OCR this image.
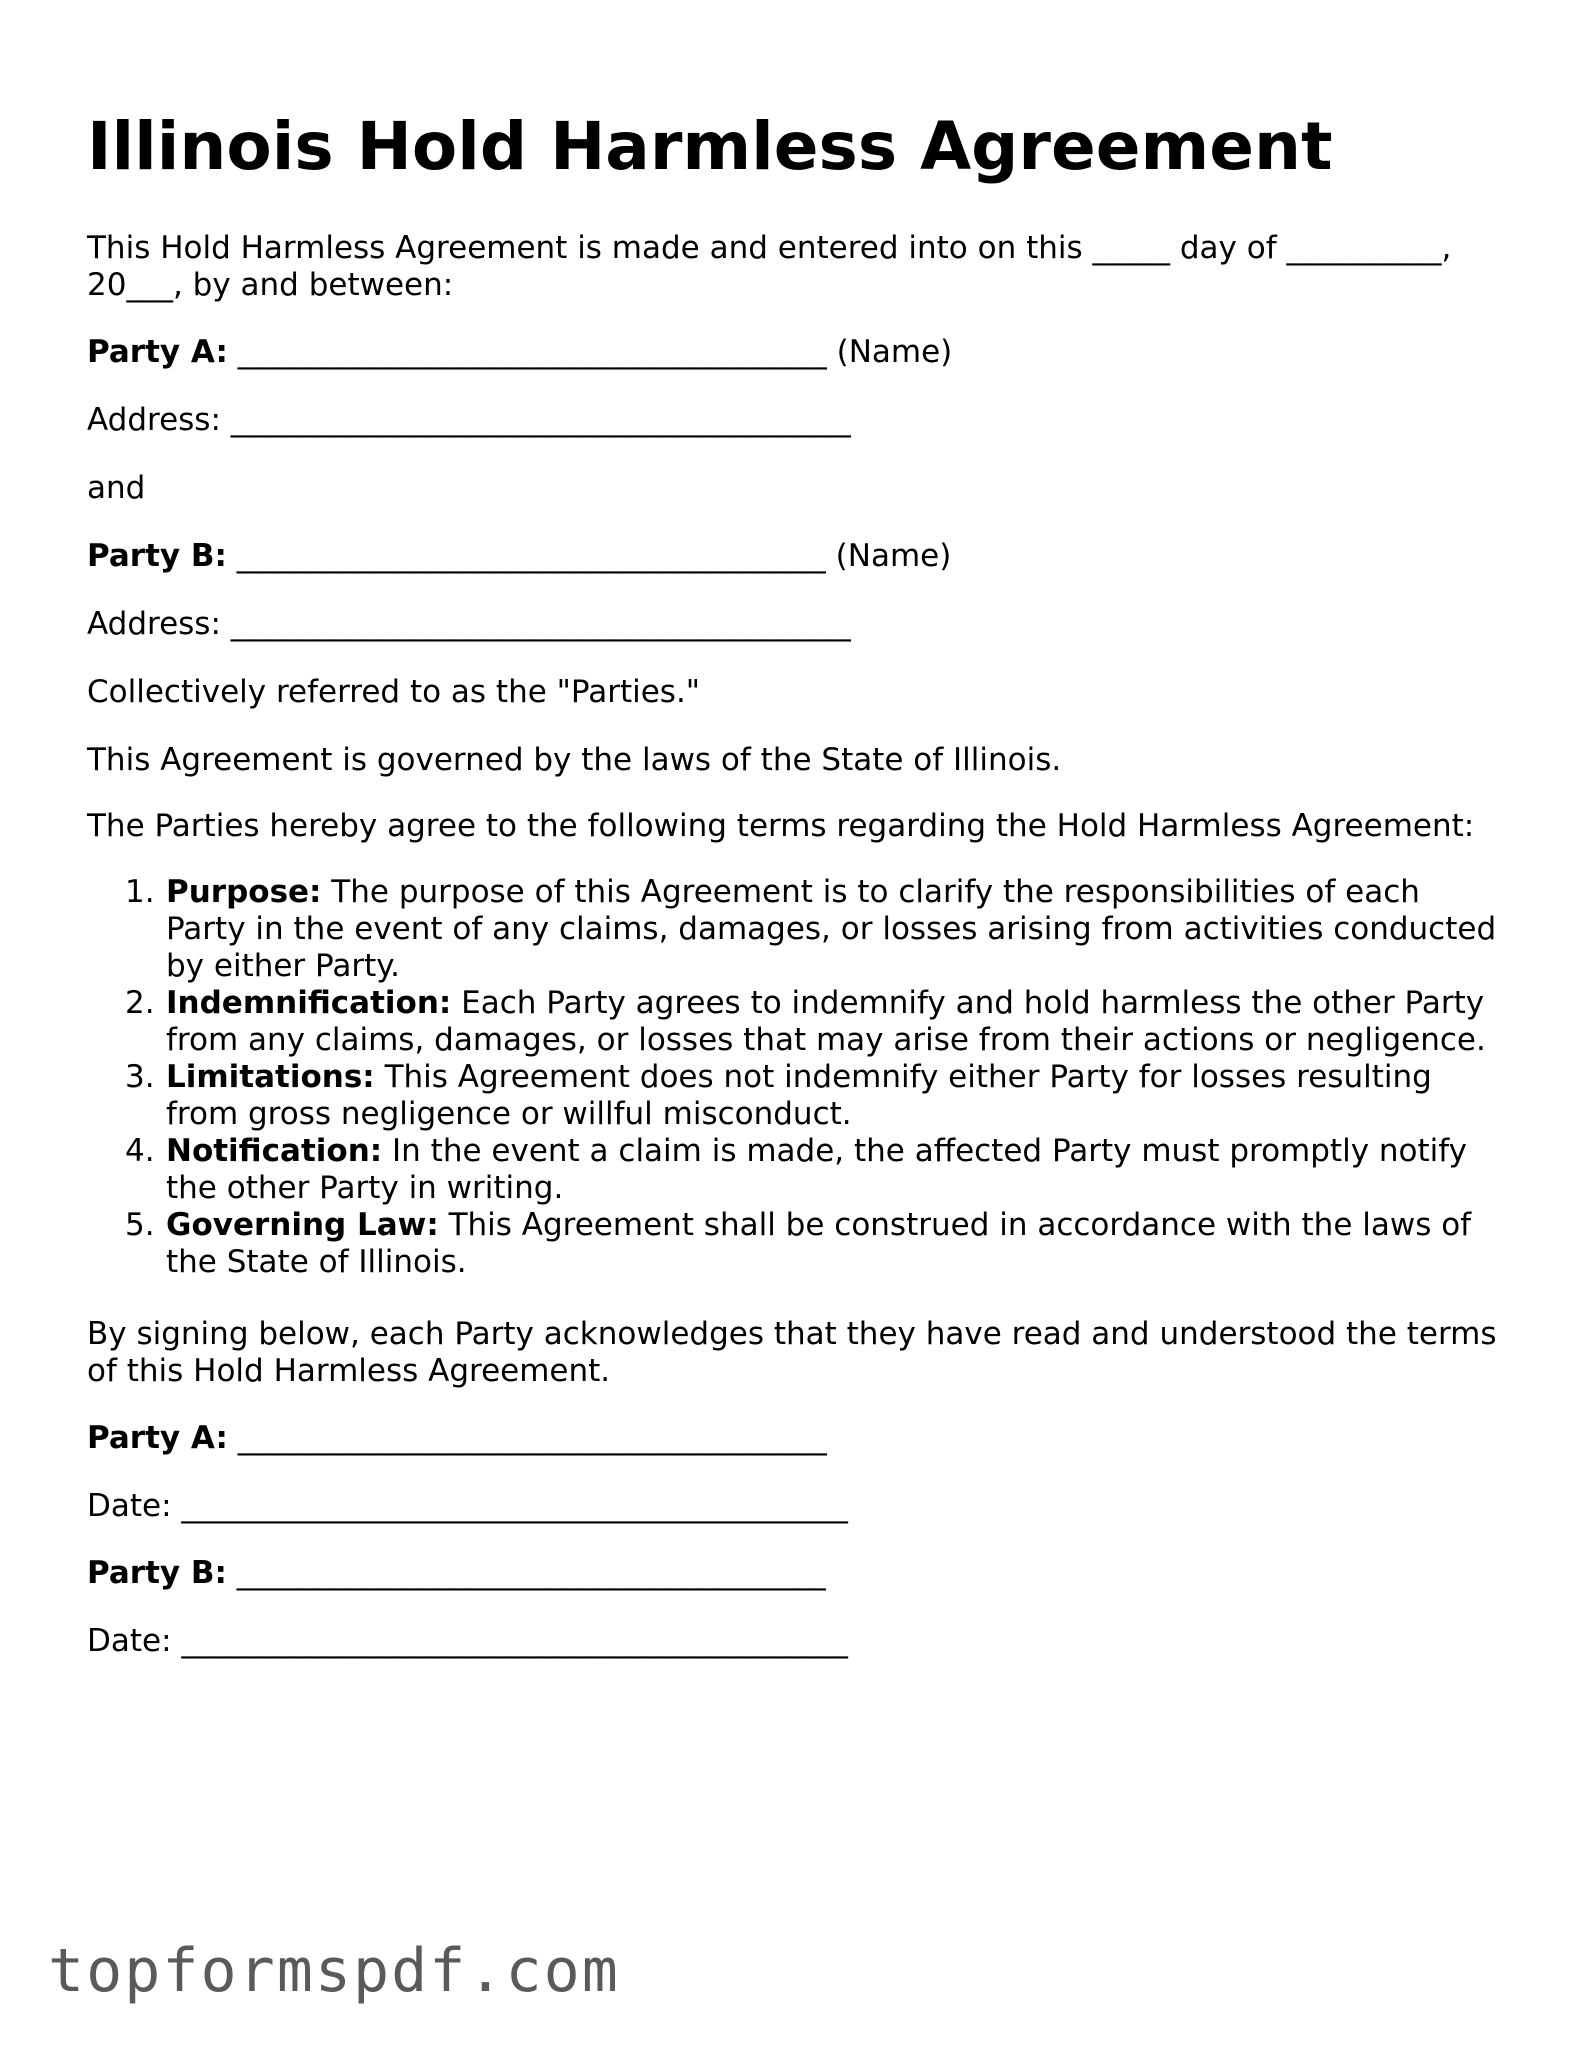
Illinois Hold Harmless Agreement
This Hold Harmless Agreement is made and entered into on this _____ day of __________,
20___, by and between:
Party A: ______________________________________ (Name)
Address: ________________________________________
and
Party B: ______________________________________ (Name)
Address: ________________________________________
Collectively referred to as the "Parties."
This Agreement is governed by the laws of the State of Illinois.
The Parties hereby agree to the following terms regarding the Hold Harmless Agreement:
1. Purpose: The purpose of this Agreement is to clarify the responsibilities of each
Party in the event of any claims, damages, or losses arising from activities conducted
by either Party.
2. Indemnification: Each Party agrees to indemnify and hold harmless the other Party
from any claims, damages, or losses that may arise from their actions or negligence.
3. Limitations: This Agreement does not indemnify either Party for losses resulting
from gross negligence or willful misconduct.
4. Notification: In the event a claim is made, the affected Party must promptly notify
the other Party in writing.
5. Governing Law: This Agreement shall be construed in accordance with the laws of
the State of Illinois.
By signing below, each Party acknowledges that they have read and understood the terms
of this Hold Harmless Agreement.
Party A: ______________________________________
Date: ___________________________________________
Party B: ______________________________________
Date: ___________________________________________
topformspdf.com
